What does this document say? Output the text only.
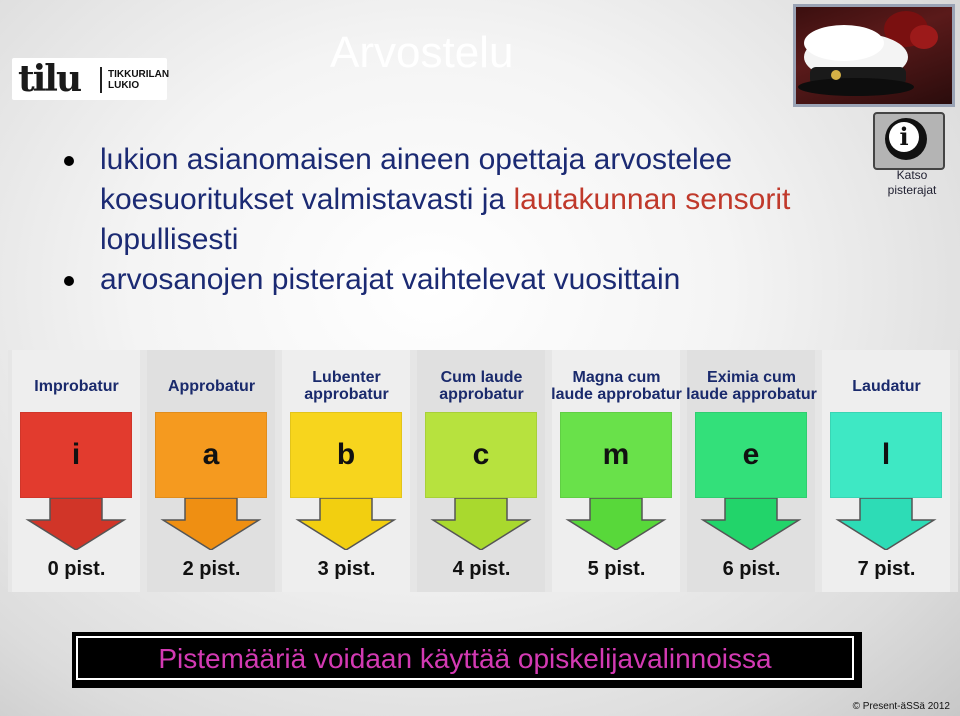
tilu	TIKKURILAN
LUKIO
Arvostelu
i
Katso pisterajat
lukion asianomaisen aineen opettaja arvostelee koesuoritukset valmistavasti ja lautakunnan sensorit lopullisesti
arvosanojen pisterajat vaihtelevat vuosittain
Improbatur
i
0 pist.
Approbatur
a
2 pist.
Lubenter approbatur
b
3 pist.
Cum laude approbatur
c
4 pist.
Magna cum laude approbatur
m
5 pist.
Eximia cum laude approbatur
e
6 pist.
Laudatur
l
7 pist.
Pistemääriä voidaan käyttää opiskelijavalinnoissa
© Present-äSSä 2012
